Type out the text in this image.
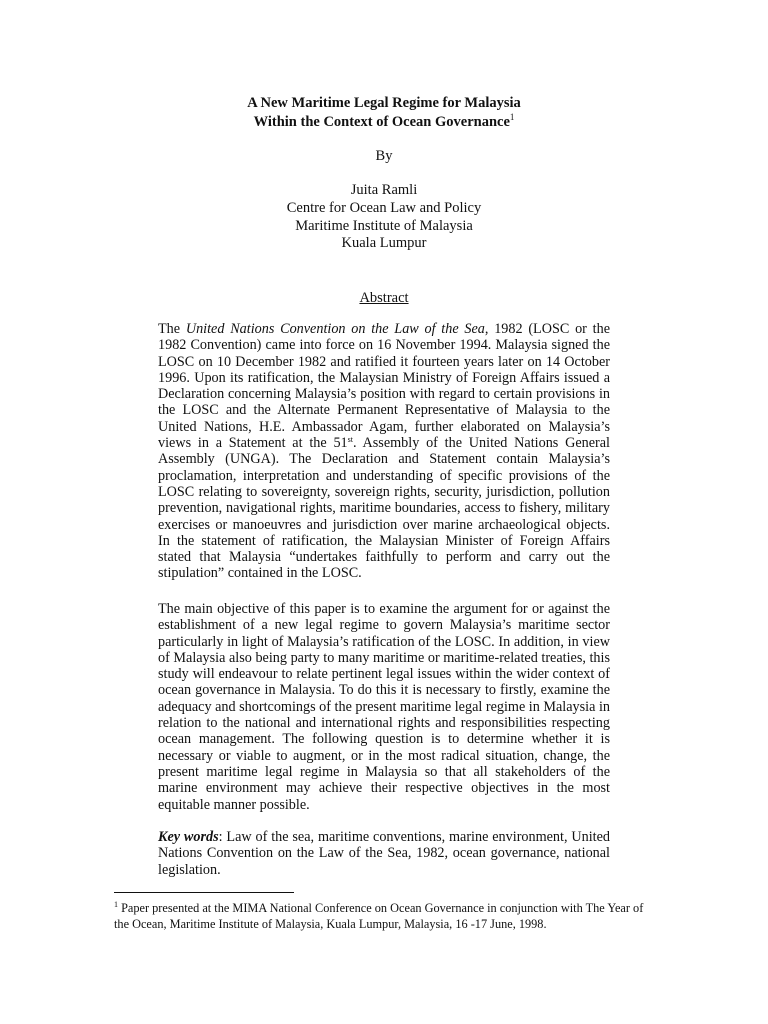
A New Maritime Legal Regime for Malaysia
Within the Context of Ocean Governance$^1$
By
Juita Ramli
Centre for Ocean Law and Policy
Maritime Institute of Malaysia
Kuala Lumpur
Abstract

The United Nations Convention on the Law of the Sea, 1982 (LOSC or the 1982 Convention) came into force on 16 November 1994. Malaysia signed the LOSC on 10 December 1982 and ratified it fourteen years later on 14 October 1996. Upon its ratification, the Malaysian Ministry of Foreign Affairs issued a Declaration concerning Malaysia’s position with regard to certain provisions in the LOSC and the Alternate Permanent Representative of Malaysia to the United Nations, H.E. Ambassador Agam, further elaborated on Malaysia’s views in a Statement at the 51st. Assembly of the United Nations General Assembly (UNGA). The Declaration and Statement contain Malaysia’s proclamation, interpretation and understanding of specific provisions of the LOSC relating to sovereignty, sovereign rights, security, jurisdiction, pollution prevention, navigational rights, maritime boundaries, access to fishery, military exercises or manoeuvres and jurisdiction over marine archaeological objects. In the statement of ratification, the Malaysian Minister of Foreign Affairs stated that Malaysia “undertakes faithfully to perform and carry out the stipulation” contained in the LOSC.

The main objective of this paper is to examine the argument for or against the establishment of a new legal regime to govern Malaysia’s maritime sector particularly in light of Malaysia’s ratification of the LOSC. In addition, in view of Malaysia also being party to many maritime or maritime-related treaties, this study will endeavour to relate pertinent legal issues within the wider context of ocean governance in Malaysia. To do this it is necessary to firstly, examine the adequacy and shortcomings of the present maritime legal regime in Malaysia in relation to the national and international rights and responsibilities respecting ocean management. The following question is to determine whether it is necessary or viable to augment, or in the most radical situation, change, the present maritime legal regime in Malaysia so that all stakeholders of the marine environment may achieve their respective objectives in the most equitable manner possible.

Key words: Law of the sea, maritime conventions, marine environment, United Nations Convention on the Law of the Sea, 1982, ocean governance, national legislation.

$^1$ Paper presented at the MIMA National Conference on Ocean Governance in conjunction with The Year of the Ocean, Maritime Institute of Malaysia, Kuala Lumpur, Malaysia, 16 -17 June, 1998.
